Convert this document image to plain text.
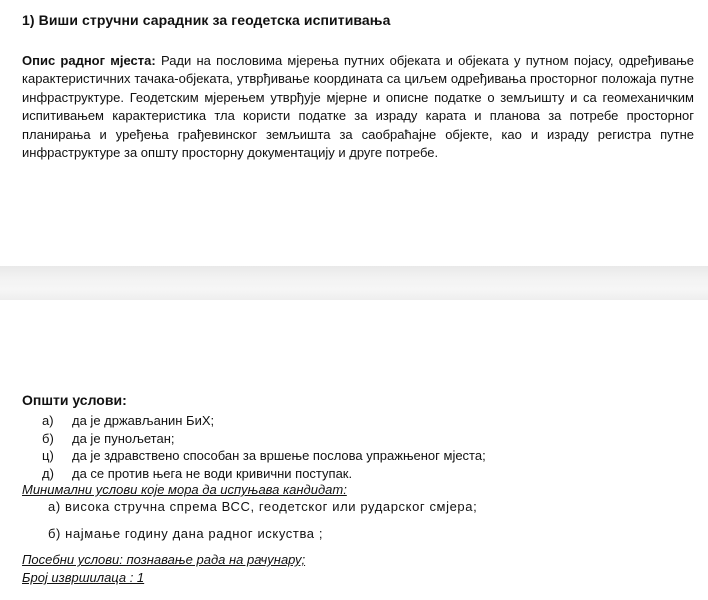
1) Виши стручни сарадник за геодетска испитивања

Опис радног мјеста: Ради на пословима мјерења путних објеката и објеката у путном појасу, одређивање карактеристичних тачака-објеката, утврђивање координата са циљем одређивања просторног положаја путне инфраструктуре. Геодетским мјерењем утврђује мјерне и описне податке о земљишту и са геомеханичким испитивањем карактеристика тла користи податке за израду карата и планова за потребе просторног планирања и уређења грађевинског земљишта за саобраћајне објекте, као и израду регистра путне инфраструктуре за општу просторну документацију и друге потребе.

Општи услови:

а)	да је држављанин БиХ;
б)	да је пунољетан;
ц)	да је здравствено способан за вршење послова упражњеног мјеста;
д)	да се против њега не води кривични поступак.

Минимални услови које мора да испуњава кандидат:

а) висока стручна спрема ВСС, геодетског или рударског смјера;
б) најмање годину дана радног искуства ;

Посебни услови: познавање рада на рачунару;

Број извршилаца : 1
